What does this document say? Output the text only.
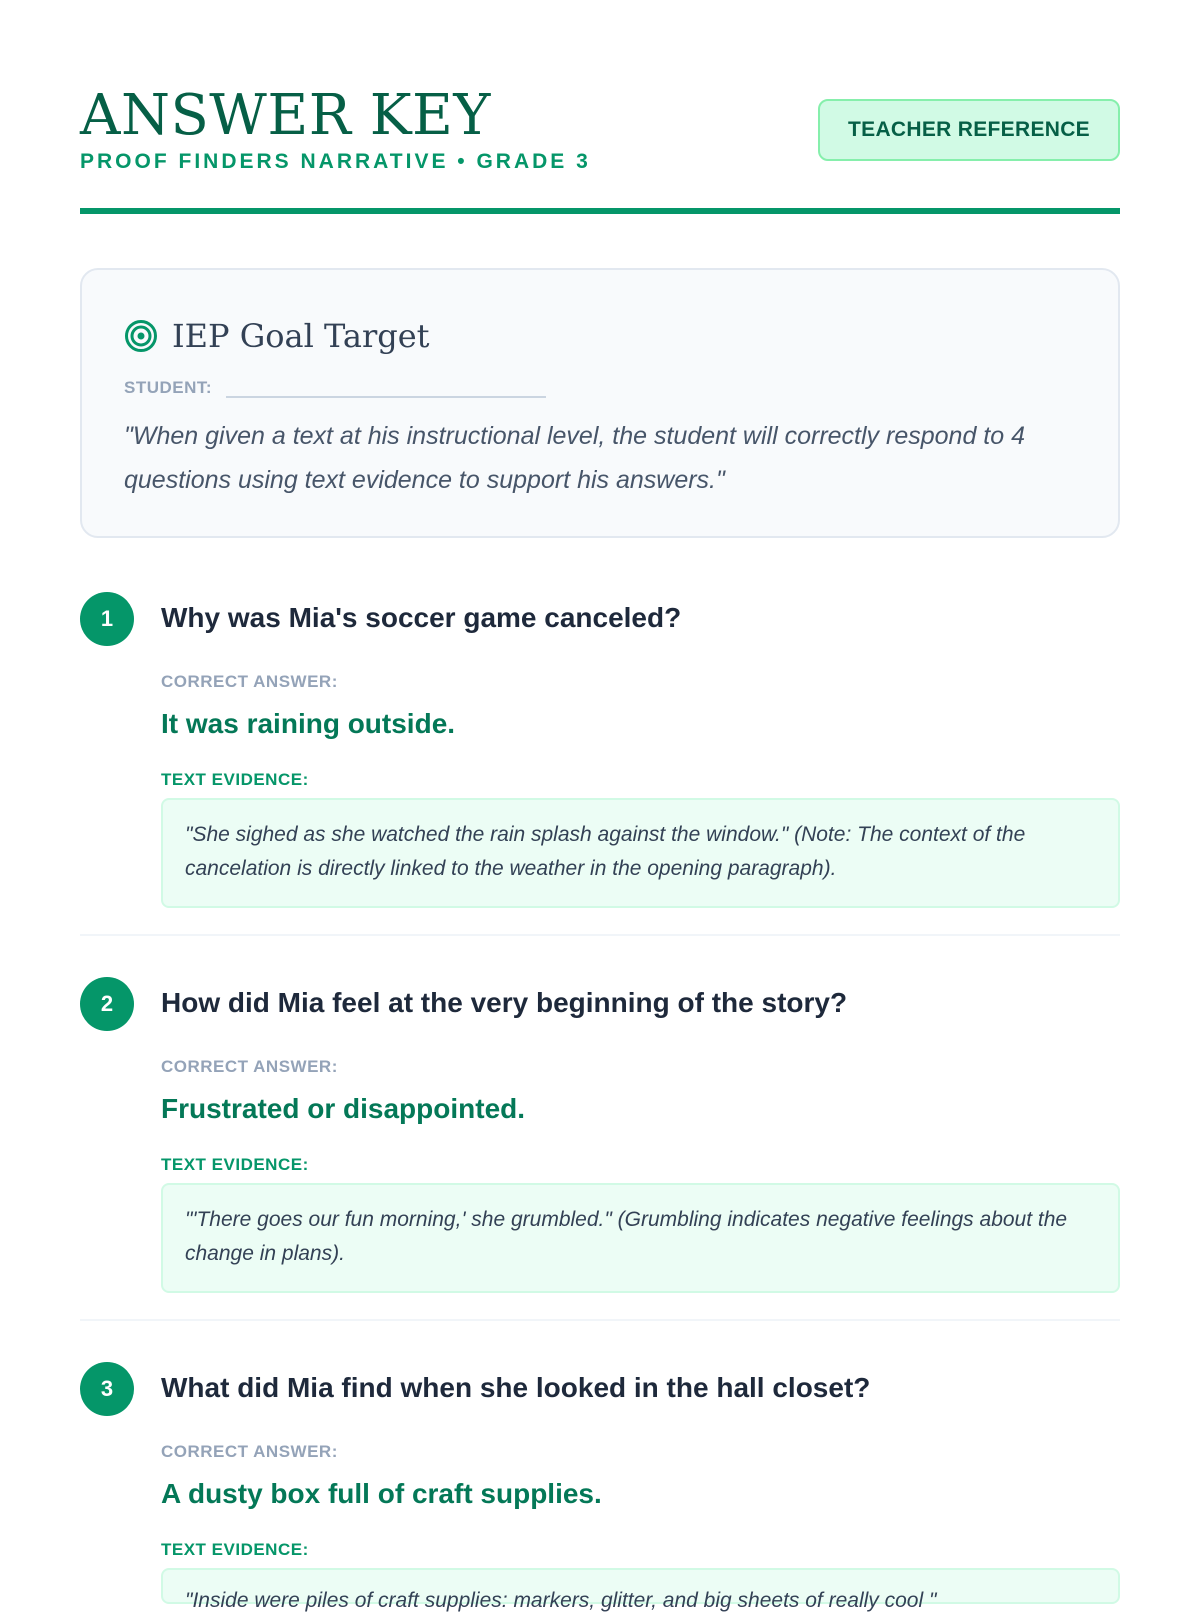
ANSWER KEY
PROOF FINDERS NARRATIVE • GRADE 3
TEACHER REFERENCE
IEP Goal Target
STUDENT:
"When given a text at his instructional level, the student will correctly respond to 4 questions using text evidence to support his answers."
1	Why was Mia's soccer game canceled?
CORRECT ANSWER:
It was raining outside.
TEXT EVIDENCE:
"She sighed as she watched the rain splash against the window." (Note: The context of the cancelation is directly linked to the weather in the opening paragraph).
2	How did Mia feel at the very beginning of the story?
CORRECT ANSWER:
Frustrated or disappointed.
TEXT EVIDENCE:
"'There goes our fun morning,' she grumbled." (Grumbling indicates negative feelings about the change in plans).
3	What did Mia find when she looked in the hall closet?
CORRECT ANSWER:
A dusty box full of craft supplies.
TEXT EVIDENCE:
"Inside were piles of craft supplies: markers, glitter, and big sheets of really cool "
